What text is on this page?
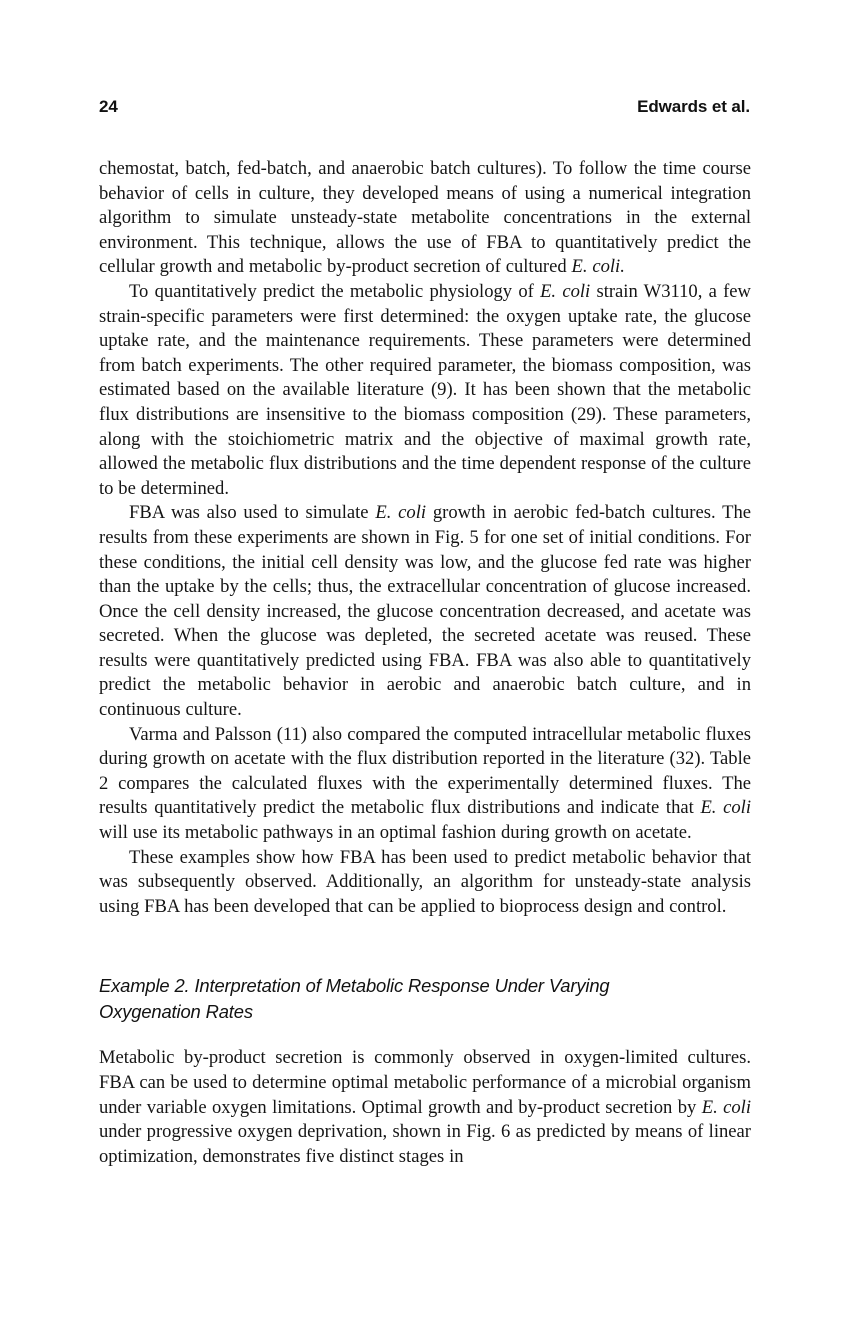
24	Edwards et al.

chemostat, batch, fed-batch, and anaerobic batch cultures). To follow the time course behavior of cells in culture, they developed means of using a numerical integration algorithm to simulate unsteady-state metabolite concentrations in the external environment. This technique, allows the use of FBA to quantitatively predict the cellular growth and metabolic by-product secretion of cultured E. coli.

To quantitatively predict the metabolic physiology of E. coli strain W3110, a few strain-specific parameters were first determined: the oxygen uptake rate, the glucose uptake rate, and the maintenance requirements. These parameters were determined from batch experiments. The other required parameter, the biomass composition, was estimated based on the available literature (9). It has been shown that the metabolic flux distributions are insensitive to the biomass composition (29). These parameters, along with the stoichiometric matrix and the objective of maximal growth rate, allowed the metabolic flux distributions and the time dependent response of the culture to be determined.

FBA was also used to simulate E. coli growth in aerobic fed-batch cultures. The results from these experiments are shown in Fig. 5 for one set of initial conditions. For these conditions, the initial cell density was low, and the glucose fed rate was higher than the uptake by the cells; thus, the extracellular concentration of glucose increased. Once the cell density increased, the glucose concentration decreased, and acetate was secreted. When the glucose was depleted, the secreted acetate was reused. These results were quantitatively predicted using FBA. FBA was also able to quantitatively predict the metabolic behavior in aerobic and anaerobic batch culture, and in continuous culture.

Varma and Palsson (11) also compared the computed intracellular metabolic fluxes during growth on acetate with the flux distribution reported in the literature (32). Table 2 compares the calculated fluxes with the experimentally determined fluxes. The results quantitatively predict the metabolic flux distributions and indicate that E. coli will use its metabolic pathways in an optimal fashion during growth on acetate.

These examples show how FBA has been used to predict metabolic behavior that was subsequently observed. Additionally, an algorithm for unsteady-state analysis using FBA has been developed that can be applied to bioprocess design and control.

Example 2. Interpretation of Metabolic Response Under Varying Oxygenation Rates

Metabolic by-product secretion is commonly observed in oxygen-limited cultures. FBA can be used to determine optimal metabolic performance of a microbial organism under variable oxygen limitations. Optimal growth and by-product secretion by E. coli under progressive oxygen deprivation, shown in Fig. 6 as predicted by means of linear optimization, demonstrates five distinct stages in
